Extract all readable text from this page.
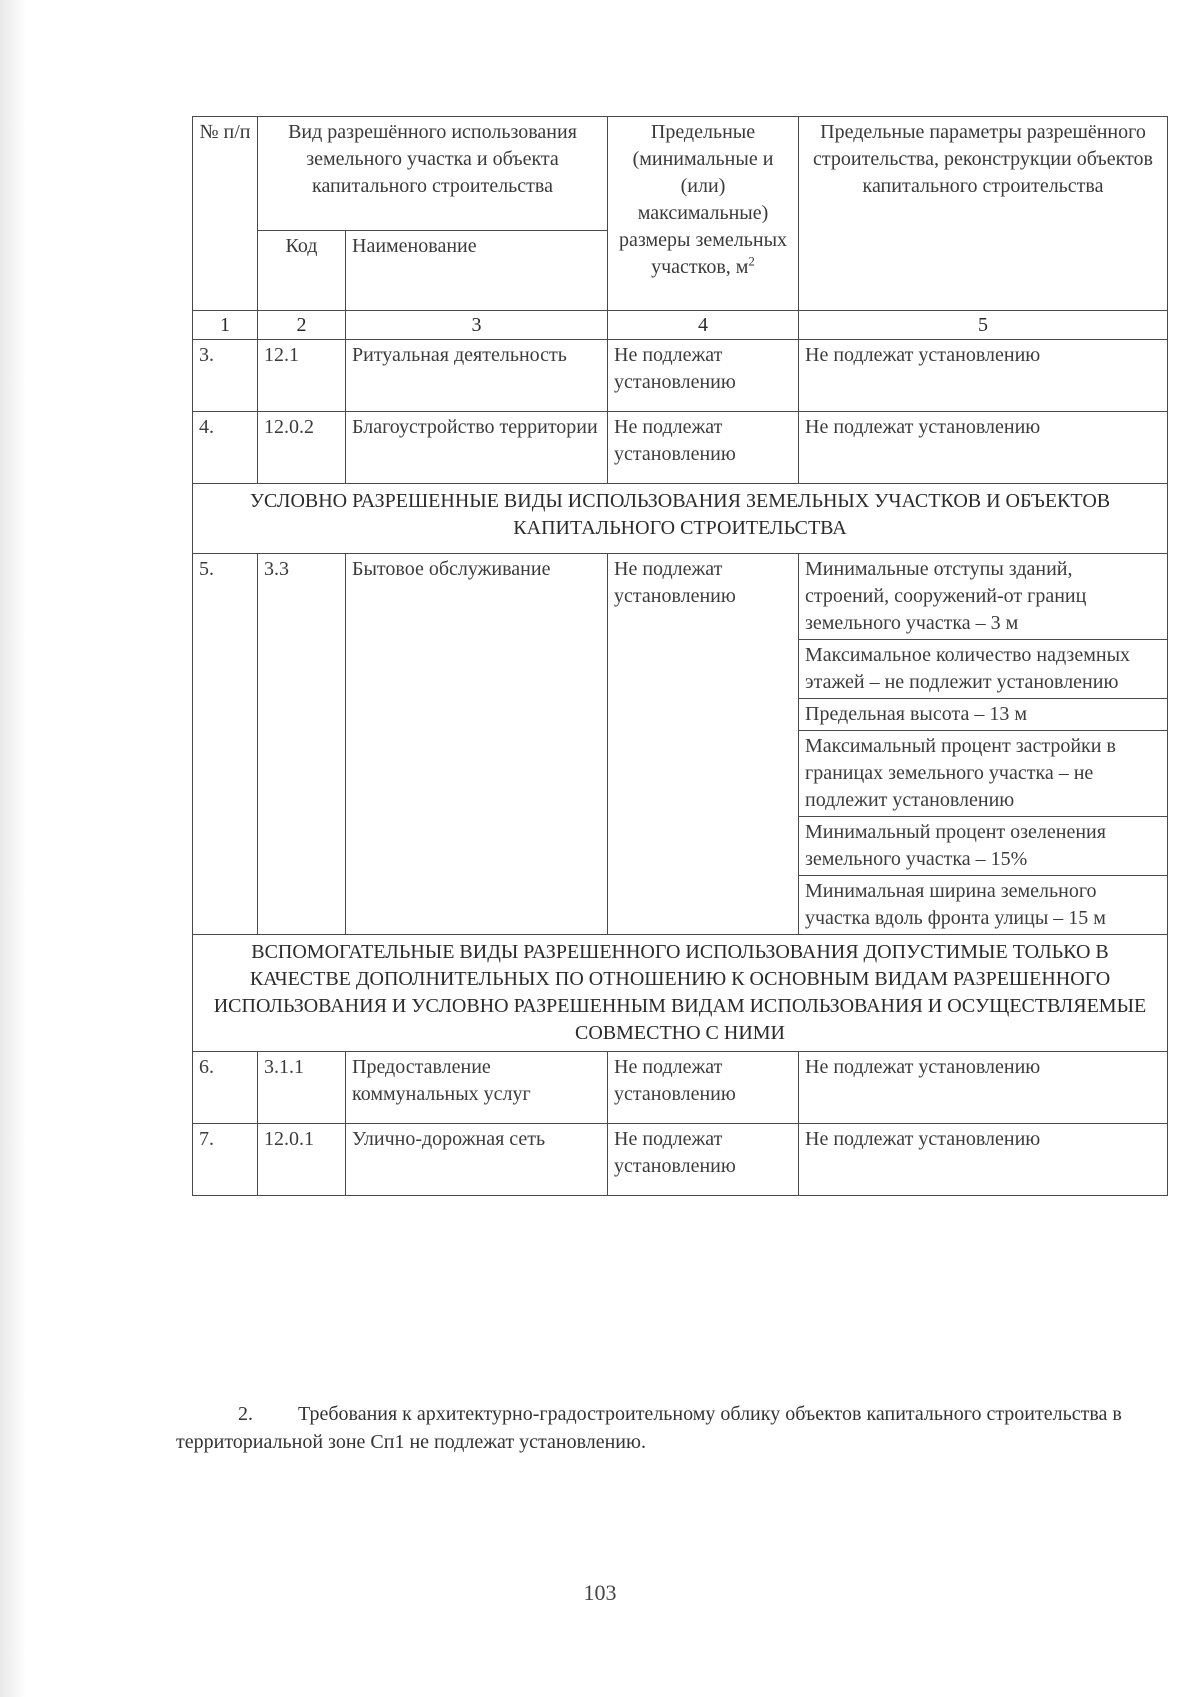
№ п/п	Вид разрешённого использования земельного участка и объекта капитального строительства		Предельные (минимальные и (или) максимальные) размеры земельных участков, $м^2$	Предельные параметры разрешённого строительства, реконструкции объектов капитального строительства
	Код	Наименование		
1	2	3	4	5
3.	12.1	Ритуальная деятельность	Не подлежат установлению	Не подлежат установлению
4.	12.0.2	Благоустройство территории	Не подлежат установлению	Не подлежат установлению
УСЛОВНО РАЗРЕШЕННЫЕ ВИДЫ ИСПОЛЬЗОВАНИЯ ЗЕМЕЛЬНЫХ УЧАСТКОВ И ОБЪЕКТОВ КАПИТАЛЬНОГО СТРОИТЕЛЬСТВА				
5.	3.3	Бытовое обслуживание	Не подлежат установлению	Минимальные отступы зданий, строений, сооружений-от границ земельного участка – 3 м
				Максимальное количество надземных этажей – не подлежит установлению
				Предельная высота – 13 м
				Максимальный процент застройки в границах земельного участка – не подлежит установлению
				Минимальный процент озеленения земельного участка – 15%
				Минимальная ширина земельного участка вдоль фронта улицы – 15 м
ВСПОМОГАТЕЛЬНЫЕ ВИДЫ РАЗРЕШЕННОГО ИСПОЛЬЗОВАНИЯ ДОПУСТИМЫЕ ТОЛЬКО В КАЧЕСТВЕ ДОПОЛНИТЕЛЬНЫХ ПО ОТНОШЕНИЮ К ОСНОВНЫМ ВИДАМ РАЗРЕШЕННОГО ИСПОЛЬЗОВАНИЯ И УСЛОВНО РАЗРЕШЕННЫМ ВИДАМ ИСПОЛЬЗОВАНИЯ И ОСУЩЕСТВЛЯЕМЫЕ СОВМЕСТНО С НИМИ				
6.	3.1.1	Предоставление коммунальных услуг	Не подлежат установлению	Не подлежат установлению
7.	12.0.1	Улично-дорожная сеть	Не подлежат установлению	Не подлежат установлению
2. Требования к архитектурно-градостроительному облику объектов капитального строительства в территориальной зоне Сп1 не подлежат установлению.
103
